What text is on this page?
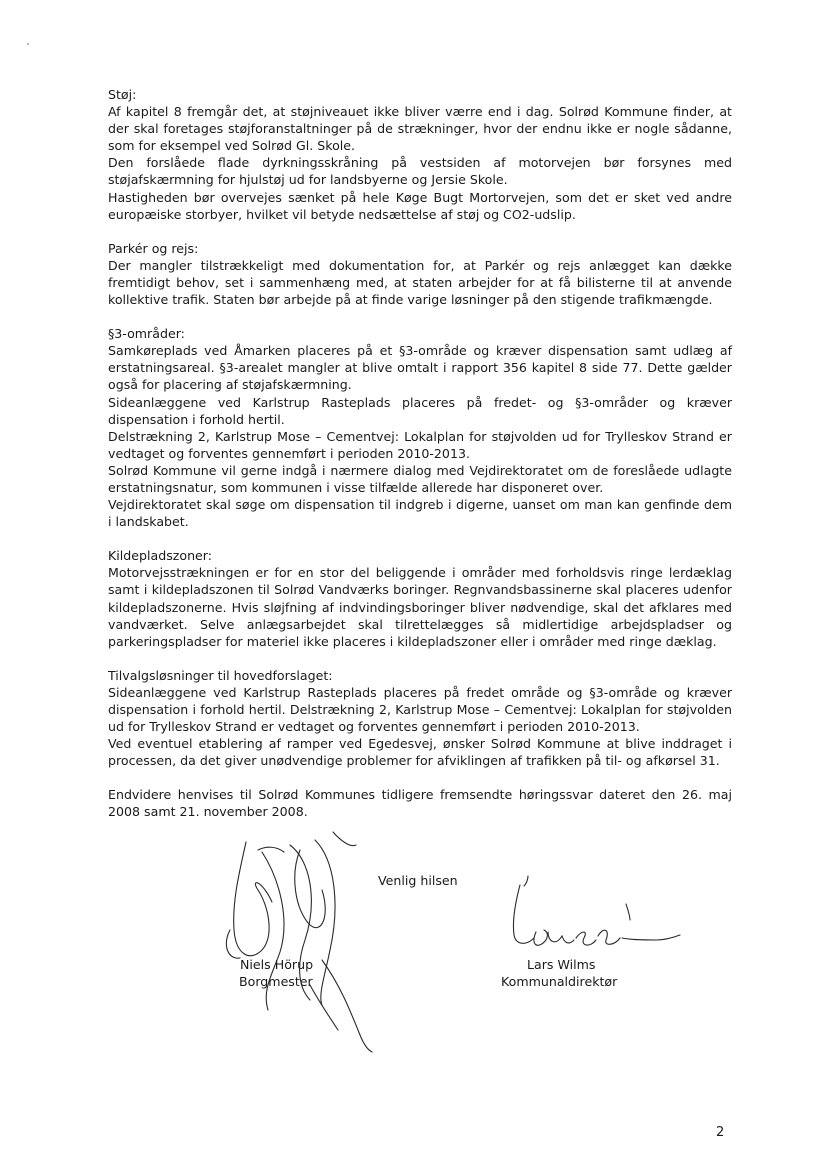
Støj:

Af kapitel 8 fremgår det, at støjniveauet ikke bliver værre end i dag. Solrød Kommune finder, at der skal foretages støjforanstaltninger på de strækninger, hvor der endnu ikke er nogle sådanne, som for eksempel ved Solrød Gl. Skole.

Den forslåede flade dyrkningsskråning på vestsiden af motorvejen bør forsynes med støjafskærmning for hjulstøj ud for landsbyerne og Jersie Skole.

Hastigheden bør overvejes sænket på hele Køge Bugt Mortorvejen, som det er sket ved andre europæiske storbyer, hvilket vil betyde nedsættelse af støj og CO2-udslip.

Parkér og rejs:

Der mangler tilstrækkeligt med dokumentation for, at Parkér og rejs anlægget kan dække fremtidigt behov, set i sammenhæng med, at staten arbejder for at få bilisterne til at anvende kollektive trafik. Staten bør arbejde på at finde varige løsninger på den stigende trafikmængde.

§3-områder:

Samkøreplads ved Åmarken placeres på et §3-område og kræver dispensation samt udlæg af erstatningsareal. §3-arealet mangler at blive omtalt i rapport 356 kapitel 8 side 77. Dette gælder også for placering af støjafskærmning.

Sideanlæggene ved Karlstrup Rasteplads placeres på fredet- og §3-områder og kræver dispensation i forhold hertil.

Delstrækning 2, Karlstrup Mose – Cementvej: Lokalplan for støjvolden ud for Trylleskov Strand er vedtaget og forventes gennemført i perioden 2010-2013.

Solrød Kommune vil gerne indgå i nærmere dialog med Vejdirektoratet om de foreslåede udlagte erstatningsnatur, som kommunen i visse tilfælde allerede har disponeret over.

Vejdirektoratet skal søge om dispensation til indgreb i digerne, uanset om man kan genfinde dem i landskabet.

Kildepladszoner:

Motorvejsstrækningen er for en stor del beliggende i områder med forholdsvis ringe lerdæklag samt i kildepladszonen til Solrød Vandværks boringer. Regnvandsbassinerne skal placeres udenfor kildepladszonerne. Hvis sløjfning af indvindingsboringer bliver nødvendige, skal det afklares med vandværket. Selve anlægsarbejdet skal tilrettelægges så midlertidige arbejdspladser og parkeringspladser for materiel ikke placeres i kildepladszoner eller i områder med ringe dæklag.

Tilvalgsløsninger til hovedforslaget:

Sideanlæggene ved Karlstrup Rasteplads placeres på fredet område og §3-område og kræver dispensation i forhold hertil. Delstrækning 2, Karlstrup Mose – Cementvej: Lokalplan for støjvolden ud for Trylleskov Strand er vedtaget og forventes gennemført i perioden 2010-2013.

Ved eventuel etablering af ramper ved Egedesvej, ønsker Solrød Kommune at blive inddraget i processen, da det giver unødvendige problemer for afviklingen af trafikken på til- og afkørsel 31.

Endvidere henvises til Solrød Kommunes tidligere fremsendte høringssvar dateret den 26. maj 2008 samt 21. november 2008.

Venlig hilsen
Niels Hörup
Borgmester
Lars Wilms
Kommunaldirektør
2
